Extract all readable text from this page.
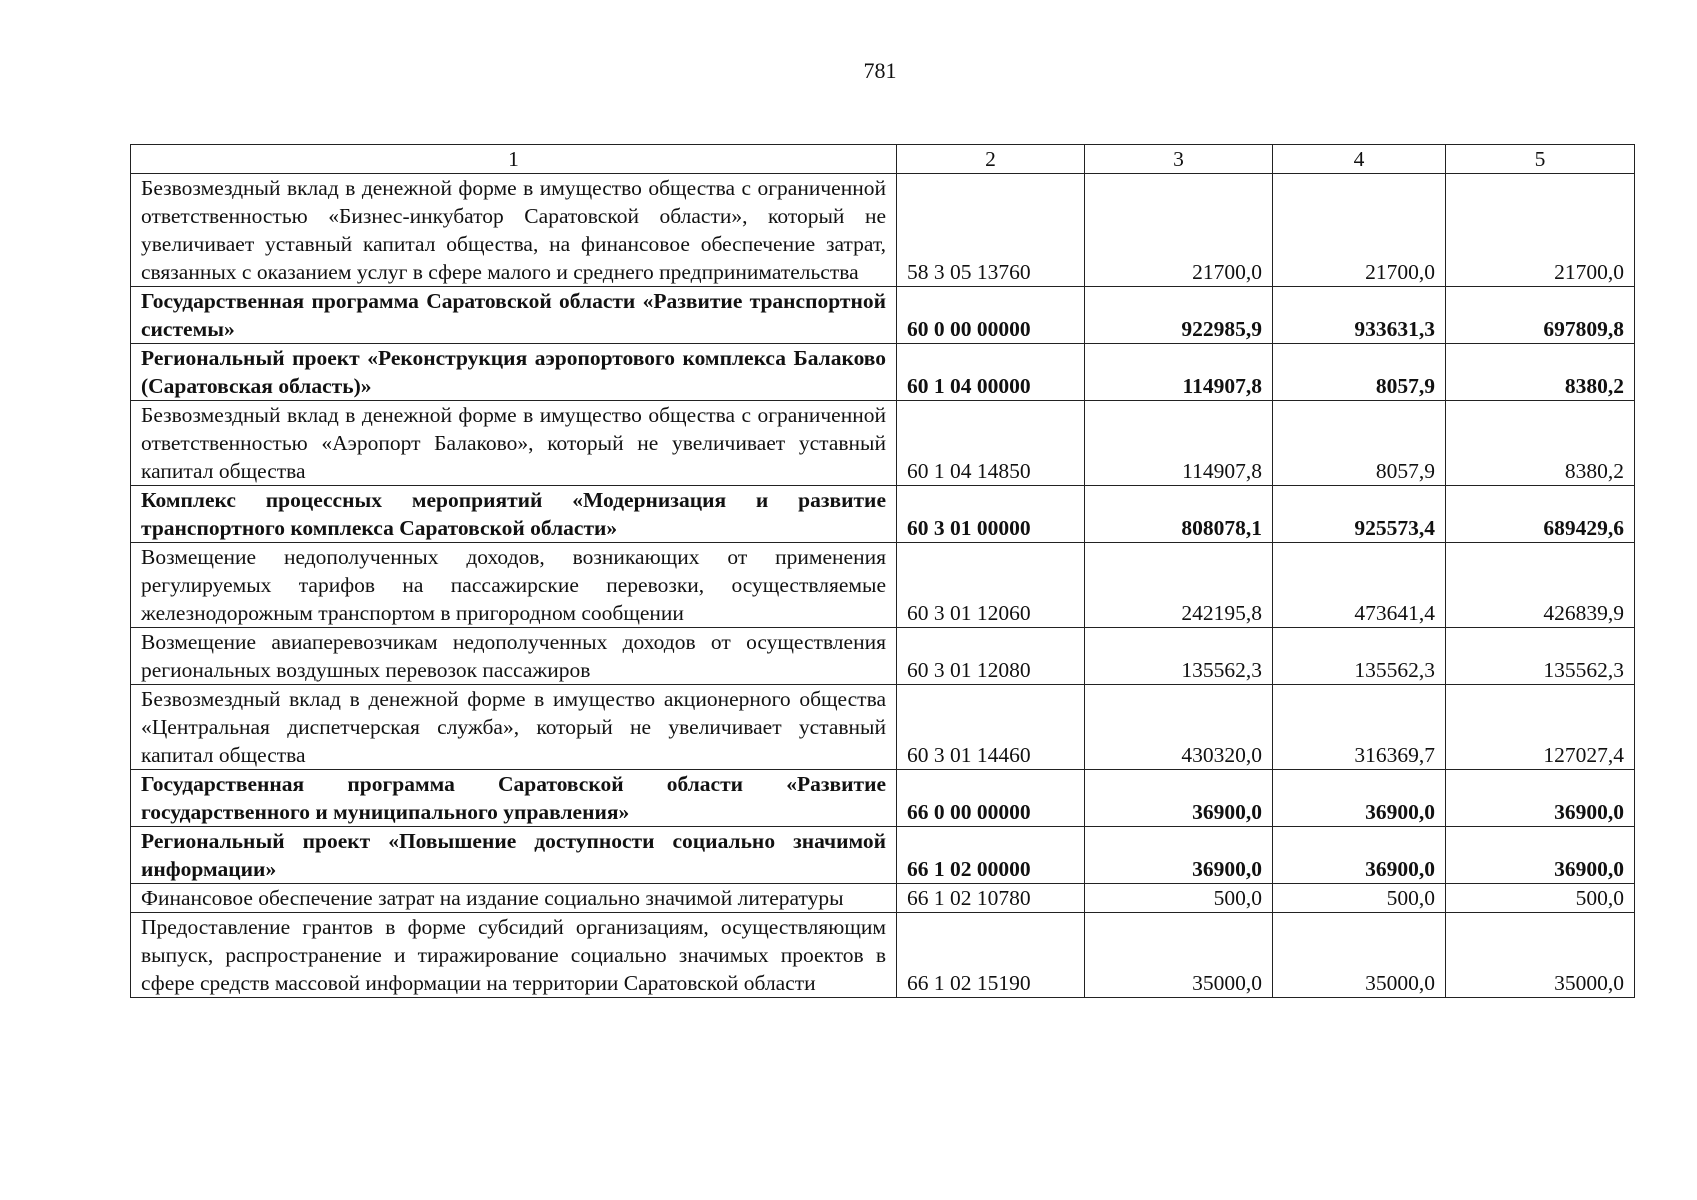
781
1	2	3	4	5
Безвозмездный вклад в денежной форме в имущество общества с ограниченной ответственностью «Бизнес-инкубатор Саратовской области», который не увеличивает уставный капитал общества, на финансовое обеспечение затрат, связанных с оказанием услуг в сфере малого и среднего предпринимательства	58 3 05 13760	21700,0	21700,0	21700,0
Государственная программа Саратовской области «Развитие транспортной системы»	60 0 00 00000	922985,9	933631,3	697809,8
Региональный проект «Реконструкция аэропортового комплекса Балаково (Саратовская область)»	60 1 04 00000	114907,8	8057,9	8380,2
Безвозмездный вклад в денежной форме в имущество общества с ограниченной ответственностью «Аэропорт Балаково», который не увеличивает уставный капитал общества	60 1 04 14850	114907,8	8057,9	8380,2
Комплекс процессных мероприятий «Модернизация и развитие транспортного комплекса Саратовской области»	60 3 01 00000	808078,1	925573,4	689429,6
Возмещение недополученных доходов, возникающих от применения регулируемых тарифов на пассажирские перевозки, осуществляемые железнодорожным транспортом в пригородном сообщении	60 3 01 12060	242195,8	473641,4	426839,9
Возмещение авиаперевозчикам недополученных доходов от осуществления региональных воздушных перевозок пассажиров	60 3 01 12080	135562,3	135562,3	135562,3
Безвозмездный вклад в денежной форме в имущество акционерного общества «Центральная диспетчерская служба», который не увеличивает уставный капитал общества	60 3 01 14460	430320,0	316369,7	127027,4
Государственная программа Саратовской области «Развитие государственного и муниципального управления»	66 0 00 00000	36900,0	36900,0	36900,0
Региональный проект «Повышение доступности социально значимой информации»	66 1 02 00000	36900,0	36900,0	36900,0
Финансовое обеспечение затрат на издание социально значимой литературы	66 1 02 10780	500,0	500,0	500,0
Предоставление грантов в форме субсидий организациям, осуществляющим выпуск, распространение и тиражирование социально значимых проектов в сфере средств массовой информации на территории Саратовской области	66 1 02 15190	35000,0	35000,0	35000,0
